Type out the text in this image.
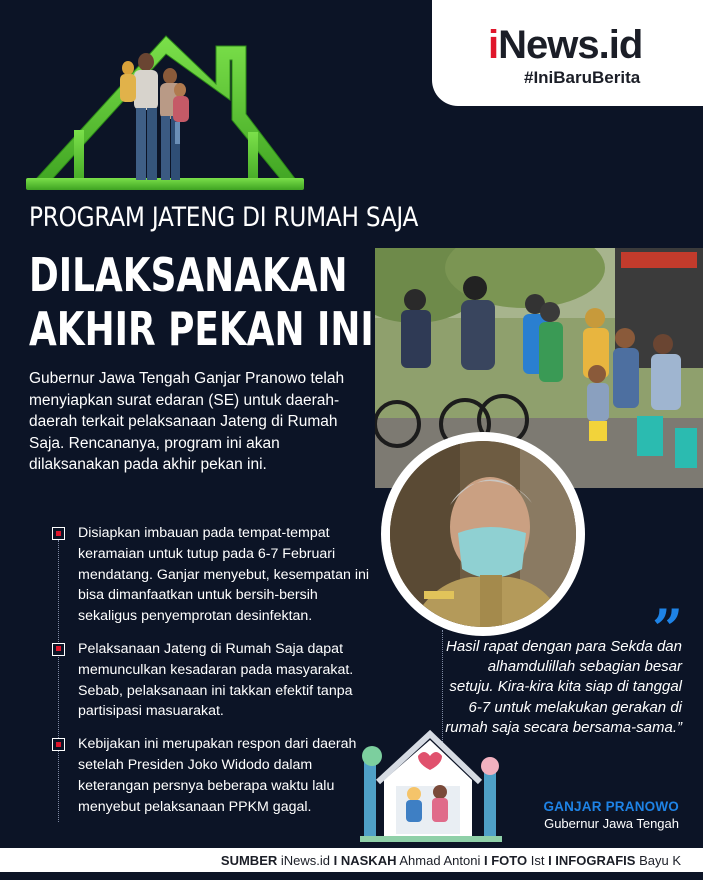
iNews.id
#IniBaruBerita
PROGRAM JATENG DI RUMAH SAJA
DILAKSANAKAN
AKHIR PEKAN INI

Gubernur Jawa Tengah Ganjar Pranowo telah menyiapkan surat edaran (SE) untuk daerah-daerah terkait pelaksanaan Jateng di Rumah Saja. Rencananya, program ini akan dilaksanakan pada akhir pekan ini.

Disiapkan imbauan pada tempat-tempat keramaian untuk tutup pada 6-7 Februari mendatang. Ganjar menyebut, kesempatan ini bisa dimanfaatkan untuk bersih-bersih sekaligus penyemprotan desinfektan.
Pelaksanaan Jateng di Rumah Saja dapat memunculkan kesadaran pada masyarakat. Sebab, pelaksanaan ini takkan efektif tanpa partisipasi masuarakat.
Kebijakan ini merupakan respon dari daerah setelah Presiden Joko Widodo dalam keterangan persnya beberapa waktu lalu menyebut pelaksanaan PPKM gagal.
”

Hasil rapat dengan para Sekda dan alhamdulillah sebagian besar setuju. Kira-kira kita siap di tanggal 6-7 untuk melakukan gerakan di rumah saja secara bersama-sama.”

GANJAR PRANOWO
Gubernur Jawa Tengah
SUMBER iNews.id I NASKAH Ahmad Antoni I FOTO Ist I INFOGRAFIS Bayu K
